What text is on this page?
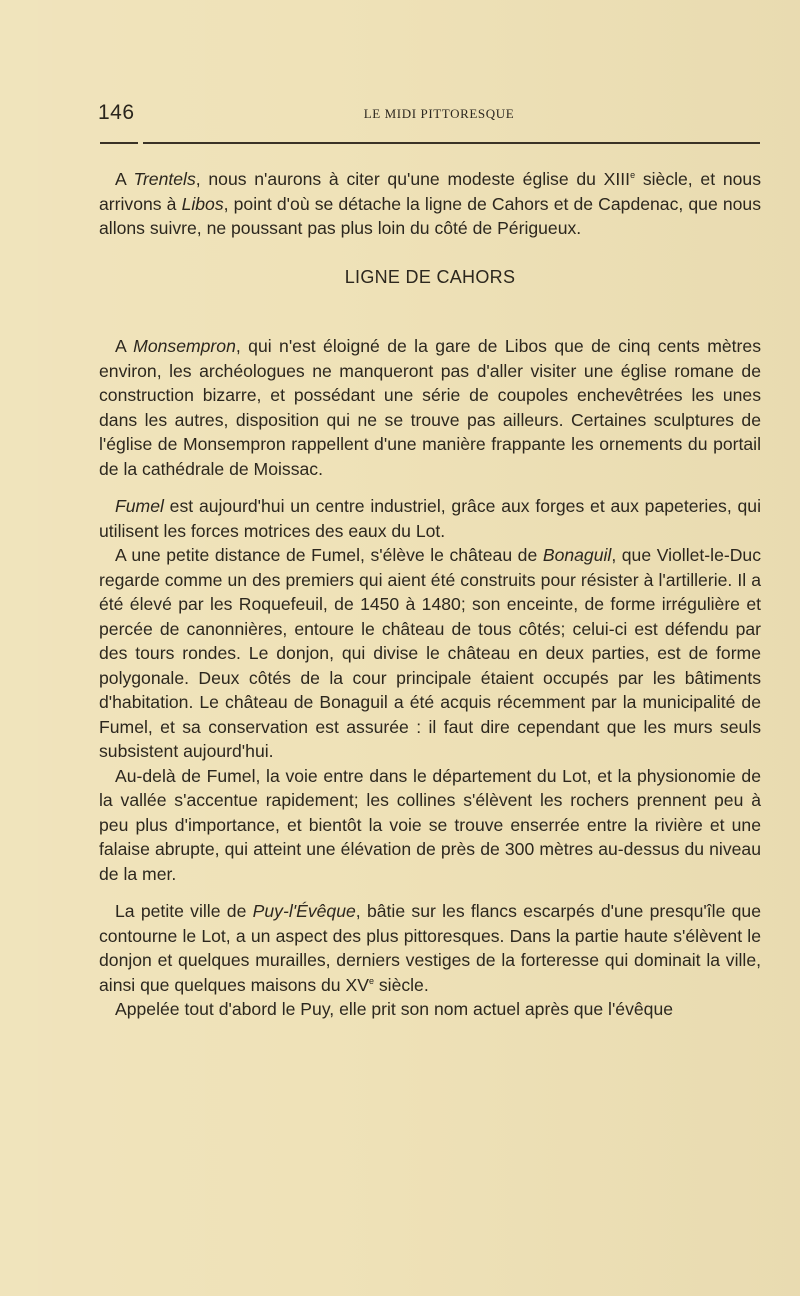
146	LE MIDI PITTORESQUE

A Trentels, nous n'aurons à citer qu'une modeste église du XIIIe siècle, et nous arrivons à Libos, point d'où se détache la ligne de Cahors et de Capdenac, que nous allons suivre, ne poussant pas plus loin du côté de Périgueux.

LIGNE DE CAHORS

A Monsempron, qui n'est éloigné de la gare de Libos que de cinq cents mètres environ, les archéologues ne manqueront pas d'aller visiter une église romane de construction bizarre, et possédant une série de coupoles enchevêtrées les unes dans les autres, disposition qui ne se trouve pas ailleurs. Certaines sculptures de l'église de Monsempron rappellent d'une manière frappante les ornements du portail de la cathédrale de Moissac.

Fumel est aujourd'hui un centre industriel, grâce aux forges et aux papeteries, qui utilisent les forces motrices des eaux du Lot.

A une petite distance de Fumel, s'élève le château de Bonaguil, que Viollet-le-Duc regarde comme un des premiers qui aient été construits pour résister à l'artillerie. Il a été élevé par les Roquefeuil, de 1450 à 1480; son enceinte, de forme irrégulière et percée de canonnières, entoure le château de tous côtés; celui-ci est défendu par des tours rondes. Le donjon, qui divise le château en deux parties, est de forme polygonale. Deux côtés de la cour principale étaient occupés par les bâtiments d'habitation. Le château de Bonaguil a été acquis récemment par la municipalité de Fumel, et sa conservation est assurée : il faut dire cependant que les murs seuls subsistent aujourd'hui.

Au-delà de Fumel, la voie entre dans le département du Lot, et la physionomie de la vallée s'accentue rapidement; les collines s'élèvent les rochers prennent peu à peu plus d'importance, et bientôt la voie se trouve enserrée entre la rivière et une falaise abrupte, qui atteint une élévation de près de 300 mètres au-dessus du niveau de la mer.

La petite ville de Puy-l'Évêque, bâtie sur les flancs escarpés d'une presqu'île que contourne le Lot, a un aspect des plus pittoresques. Dans la partie haute s'élèvent le donjon et quelques murailles, derniers vestiges de la forteresse qui dominait la ville, ainsi que quelques maisons du XVe siècle.

Appelée tout d'abord le Puy, elle prit son nom actuel après que l'évêque
